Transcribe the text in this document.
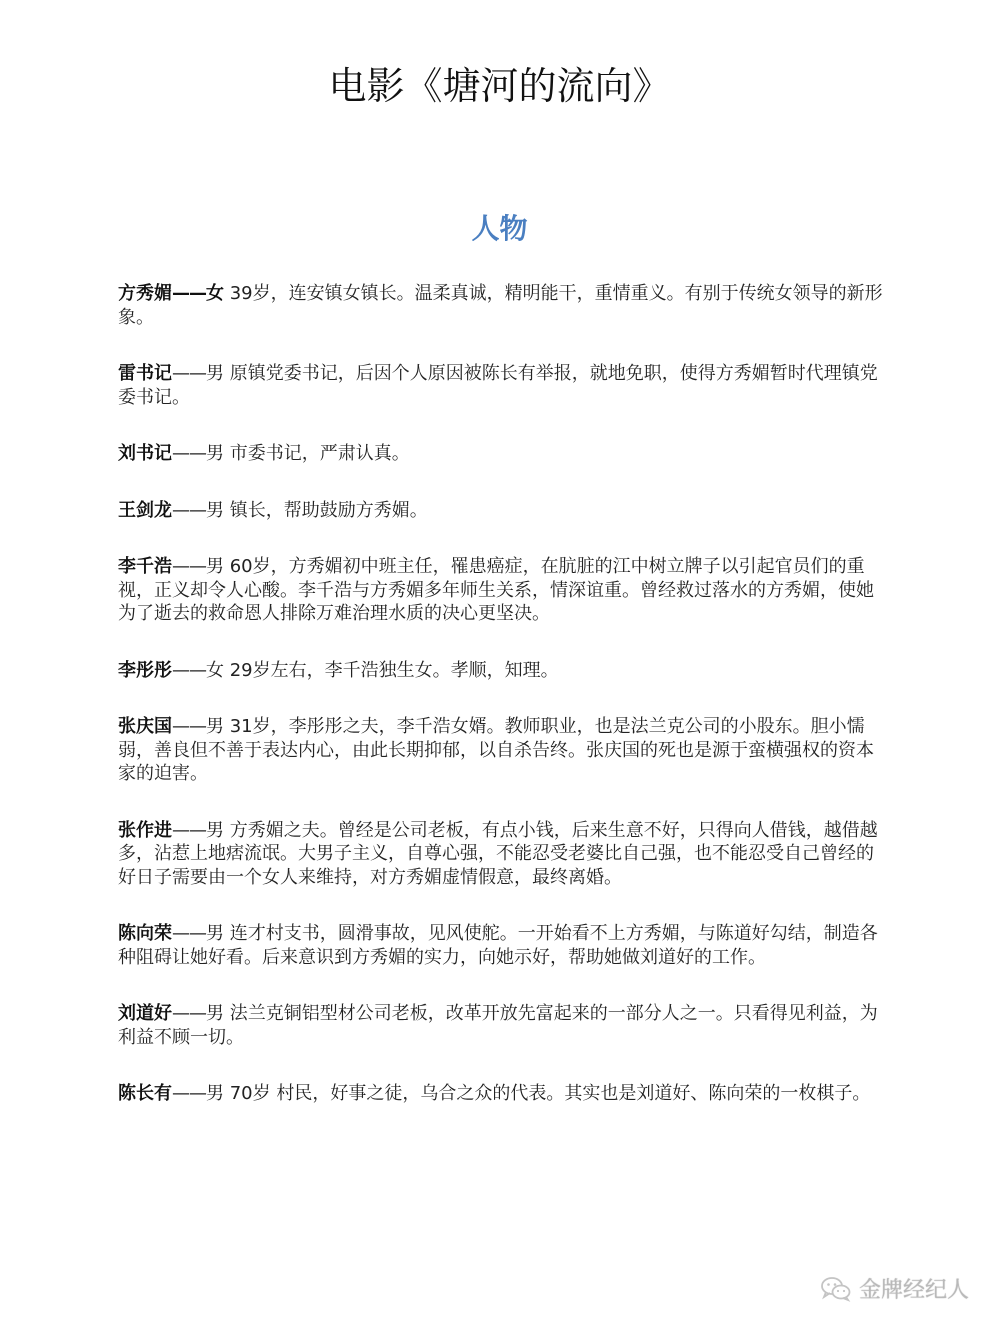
电影《塘河的流向》
人物

方秀媚——女 39岁，连安镇女镇长。温柔真诚，精明能干，重情重义。有别于传统女领导的新形象。

雷书记——男 原镇党委书记，后因个人原因被陈长有举报，就地免职，使得方秀媚暂时代理镇党委书记。

刘书记——男 市委书记，严肃认真。

王剑龙——男 镇长，帮助鼓励方秀媚。

李千浩——男 60岁，方秀媚初中班主任，罹患癌症，在肮脏的江中树立牌子以引起官员们的重视，正义却令人心酸。李千浩与方秀媚多年师生关系，情深谊重。曾经救过落水的方秀媚，使她为了逝去的救命恩人排除万难治理水质的决心更坚决。

李彤彤——女 29岁左右，李千浩独生女。孝顺，知理。

张庆国——男 31岁，李彤彤之夫，李千浩女婿。教师职业，也是法兰克公司的小股东。胆小懦弱，善良但不善于表达内心，由此长期抑郁，以自杀告终。张庆国的死也是源于蛮横强权的资本家的迫害。

张作进——男 方秀媚之夫。曾经是公司老板，有点小钱，后来生意不好，只得向人借钱，越借越多，沾惹上地痞流氓。大男子主义，自尊心强，不能忍受老婆比自己强，也不能忍受自己曾经的好日子需要由一个女人来维持，对方秀媚虚情假意，最终离婚。

陈向荣——男 连才村支书，圆滑事故，见风使舵。一开始看不上方秀媚，与陈道好勾结，制造各种阻碍让她好看。后来意识到方秀媚的实力，向她示好，帮助她做刘道好的工作。

刘道好——男 法兰克铜铝型材公司老板，改革开放先富起来的一部分人之一。只看得见利益，为利益不顾一切。

陈长有——男 70岁 村民，好事之徒，乌合之众的代表。其实也是刘道好、陈向荣的一枚棋子。

金牌经纪人
